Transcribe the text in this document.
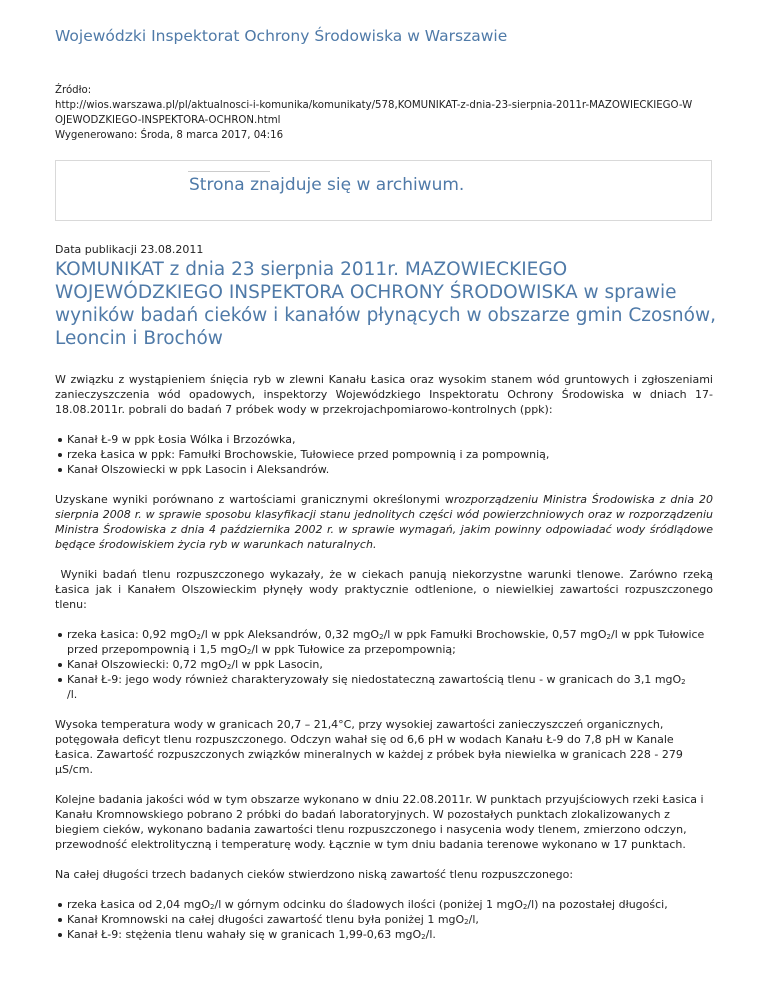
Wojewódzki Inspektorat Ochrony Środowiska w Warszawie
Źródło:
http://wios.warszawa.pl/pl/aktualnosci-i-komunika/komunikaty/578,KOMUNIKAT-z-dnia-23-sierpnia-2011r-MAZOWIECKIEGO-W
OJEWODZKIEGO-INSPEKTORA-OCHRON.html
Wygenerowano: Środa, 8 marca 2017, 04:16
Strona znajduje się w archiwum.
Data publikacji 23.08.2011
KOMUNIKAT z dnia 23 sierpnia 2011r. MAZOWIECKIEGO WOJEWÓDZKIEGO INSPEKTORA OCHRONY ŚRODOWISKA w sprawie wyników badań cieków i kanałów płynących w obszarze gmin Czosnów, Leoncin i Brochów

W związku z wystąpieniem śnięcia ryb w zlewni Kanału Łasica oraz wysokim stanem wód gruntowych i zgłoszeniami zanieczyszczenia wód opadowych, inspektorzy Wojewódzkiego Inspektoratu Ochrony Środowiska w dniach 17-18.08.2011r. pobrali do badań 7 próbek wody w przekrojachpomiarowo-kontrolnych (ppk):

Kanał Ł-9 w ppk Łosia Wólka i Brzozówka,
rzeka Łasica w ppk: Famułki Brochowskie, Tułowiece przed pompownią i za pompownią,
Kanał Olszowiecki w ppk Lasocin i Aleksandrów.

Uzyskane wyniki porównano z wartościami granicznymi określonymi wrozporządzeniu Ministra Środowiska z dnia 20 sierpnia 2008 r. w sprawie sposobu klasyfikacji stanu jednolitych części wód powierzchniowych oraz w rozporządzeniu Ministra Środowiska z dnia 4 października 2002 r. w sprawie wymagań, jakim powinny odpowiadać wody śródlądowe będące środowiskiem życia ryb w warunkach naturalnych.

Wyniki badań tlenu rozpuszczonego wykazały, że w ciekach panują niekorzystne warunki tlenowe. Zarówno rzeką Łasica jak i Kanałem Olszowieckim płynęły wody praktycznie odtlenione, o niewielkiej zawartości rozpuszczonego tlenu:

rzeka Łasica: 0,92 mgO$_2$/l w ppk Aleksandrów, 0,32 mgO$_2$/l w ppk Famułki Brochowskie, 0,57 mgO$_2$/l w ppk Tułowice przed przepompownią i 1,5 mgO$_2$/l w ppk Tułowice za przepompownią;
Kanał Olszowiecki: 0,72 mgO$_2$/l w ppk Lasocin,
Kanał Ł-9: jego wody również charakteryzowały się niedostateczną zawartością tlenu - w granicach do 3,1 mgO$_2$
/l.

Wysoka temperatura wody w granicach 20,7 – 21,4°C, przy wysokiej zawartości zanieczyszczeń organicznych, potęgowała deficyt tlenu rozpuszczonego. Odczyn wahał się od 6,6 pH w wodach Kanału Ł-9 do 7,8 pH w Kanale Łasica. Zawartość rozpuszczonych związków mineralnych w każdej z próbek była niewielka w granicach 228 - 279 µS/cm.

Kolejne badania jakości wód w tym obszarze wykonano w dniu 22.08.2011r. W punktach przyujściowych rzeki Łasica i Kanału Kromnowskiego pobrano 2 próbki do badań laboratoryjnych. W pozostałych punktach zlokalizowanych z biegiem cieków, wykonano badania zawartości tlenu rozpuszczonego i nasycenia wody tlenem, zmierzono odczyn, przewodność elektrolityczną i temperaturę wody. Łącznie w tym dniu badania terenowe wykonano w 17 punktach.

Na całej długości trzech badanych cieków stwierdzono niską zawartość tlenu rozpuszczonego:

rzeka Łasica od 2,04 mgO$_2$/l w górnym odcinku do śladowych ilości (poniżej 1 mgO$_2$/l) na pozostałej długości,
Kanał Kromnowski na całej długości zawartość tlenu była poniżej 1 mgO$_2$/l,
Kanał Ł-9: stężenia tlenu wahały się w granicach 1,99-0,63 mgO$_2$/l.
